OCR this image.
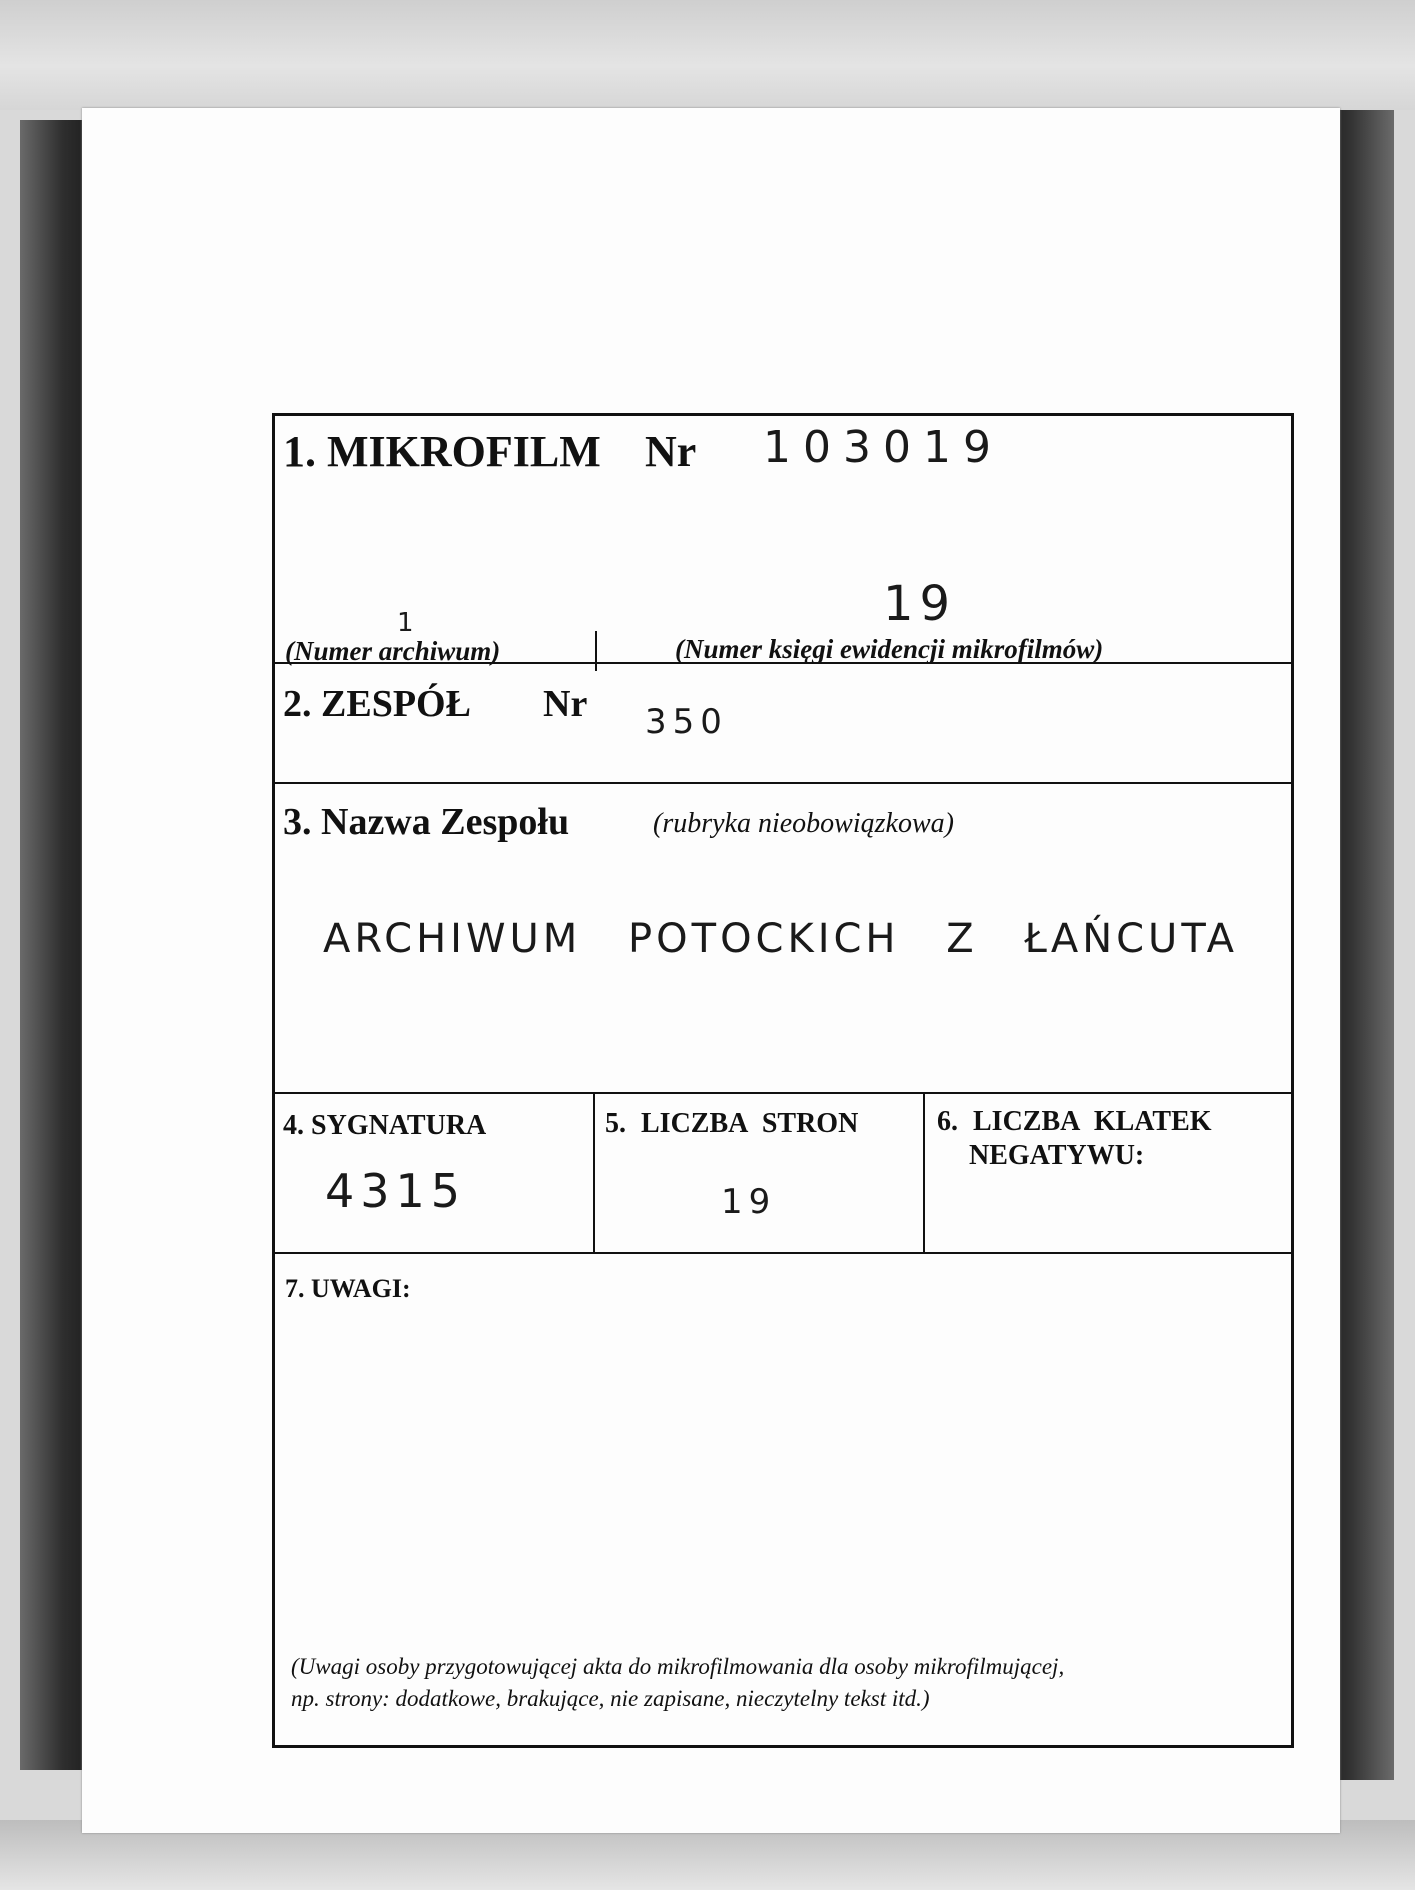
1. MIKROFILM Nr 103019
1	19
(Numer archiwum)	(Numer księgi ewidencji mikrofilmów)
2. ZESPÓŁ Nr 350
3. Nazwa Zespołu	(rubryka nieobowiązkowa)
ARCHIWUM POTOCKICH Z ŁAŃCUTA
4. SYGNATURA
4315
5. LICZBA STRON
19
6. LICZBA KLATEK
NEGATYWU:
7. UWAGI:
(Uwagi osoby przygotowującej akta do mikrofilmowania dla osoby mikrofilmującej,
np. strony: dodatkowe, brakujące, nie zapisane, nieczytelny tekst itd.)
